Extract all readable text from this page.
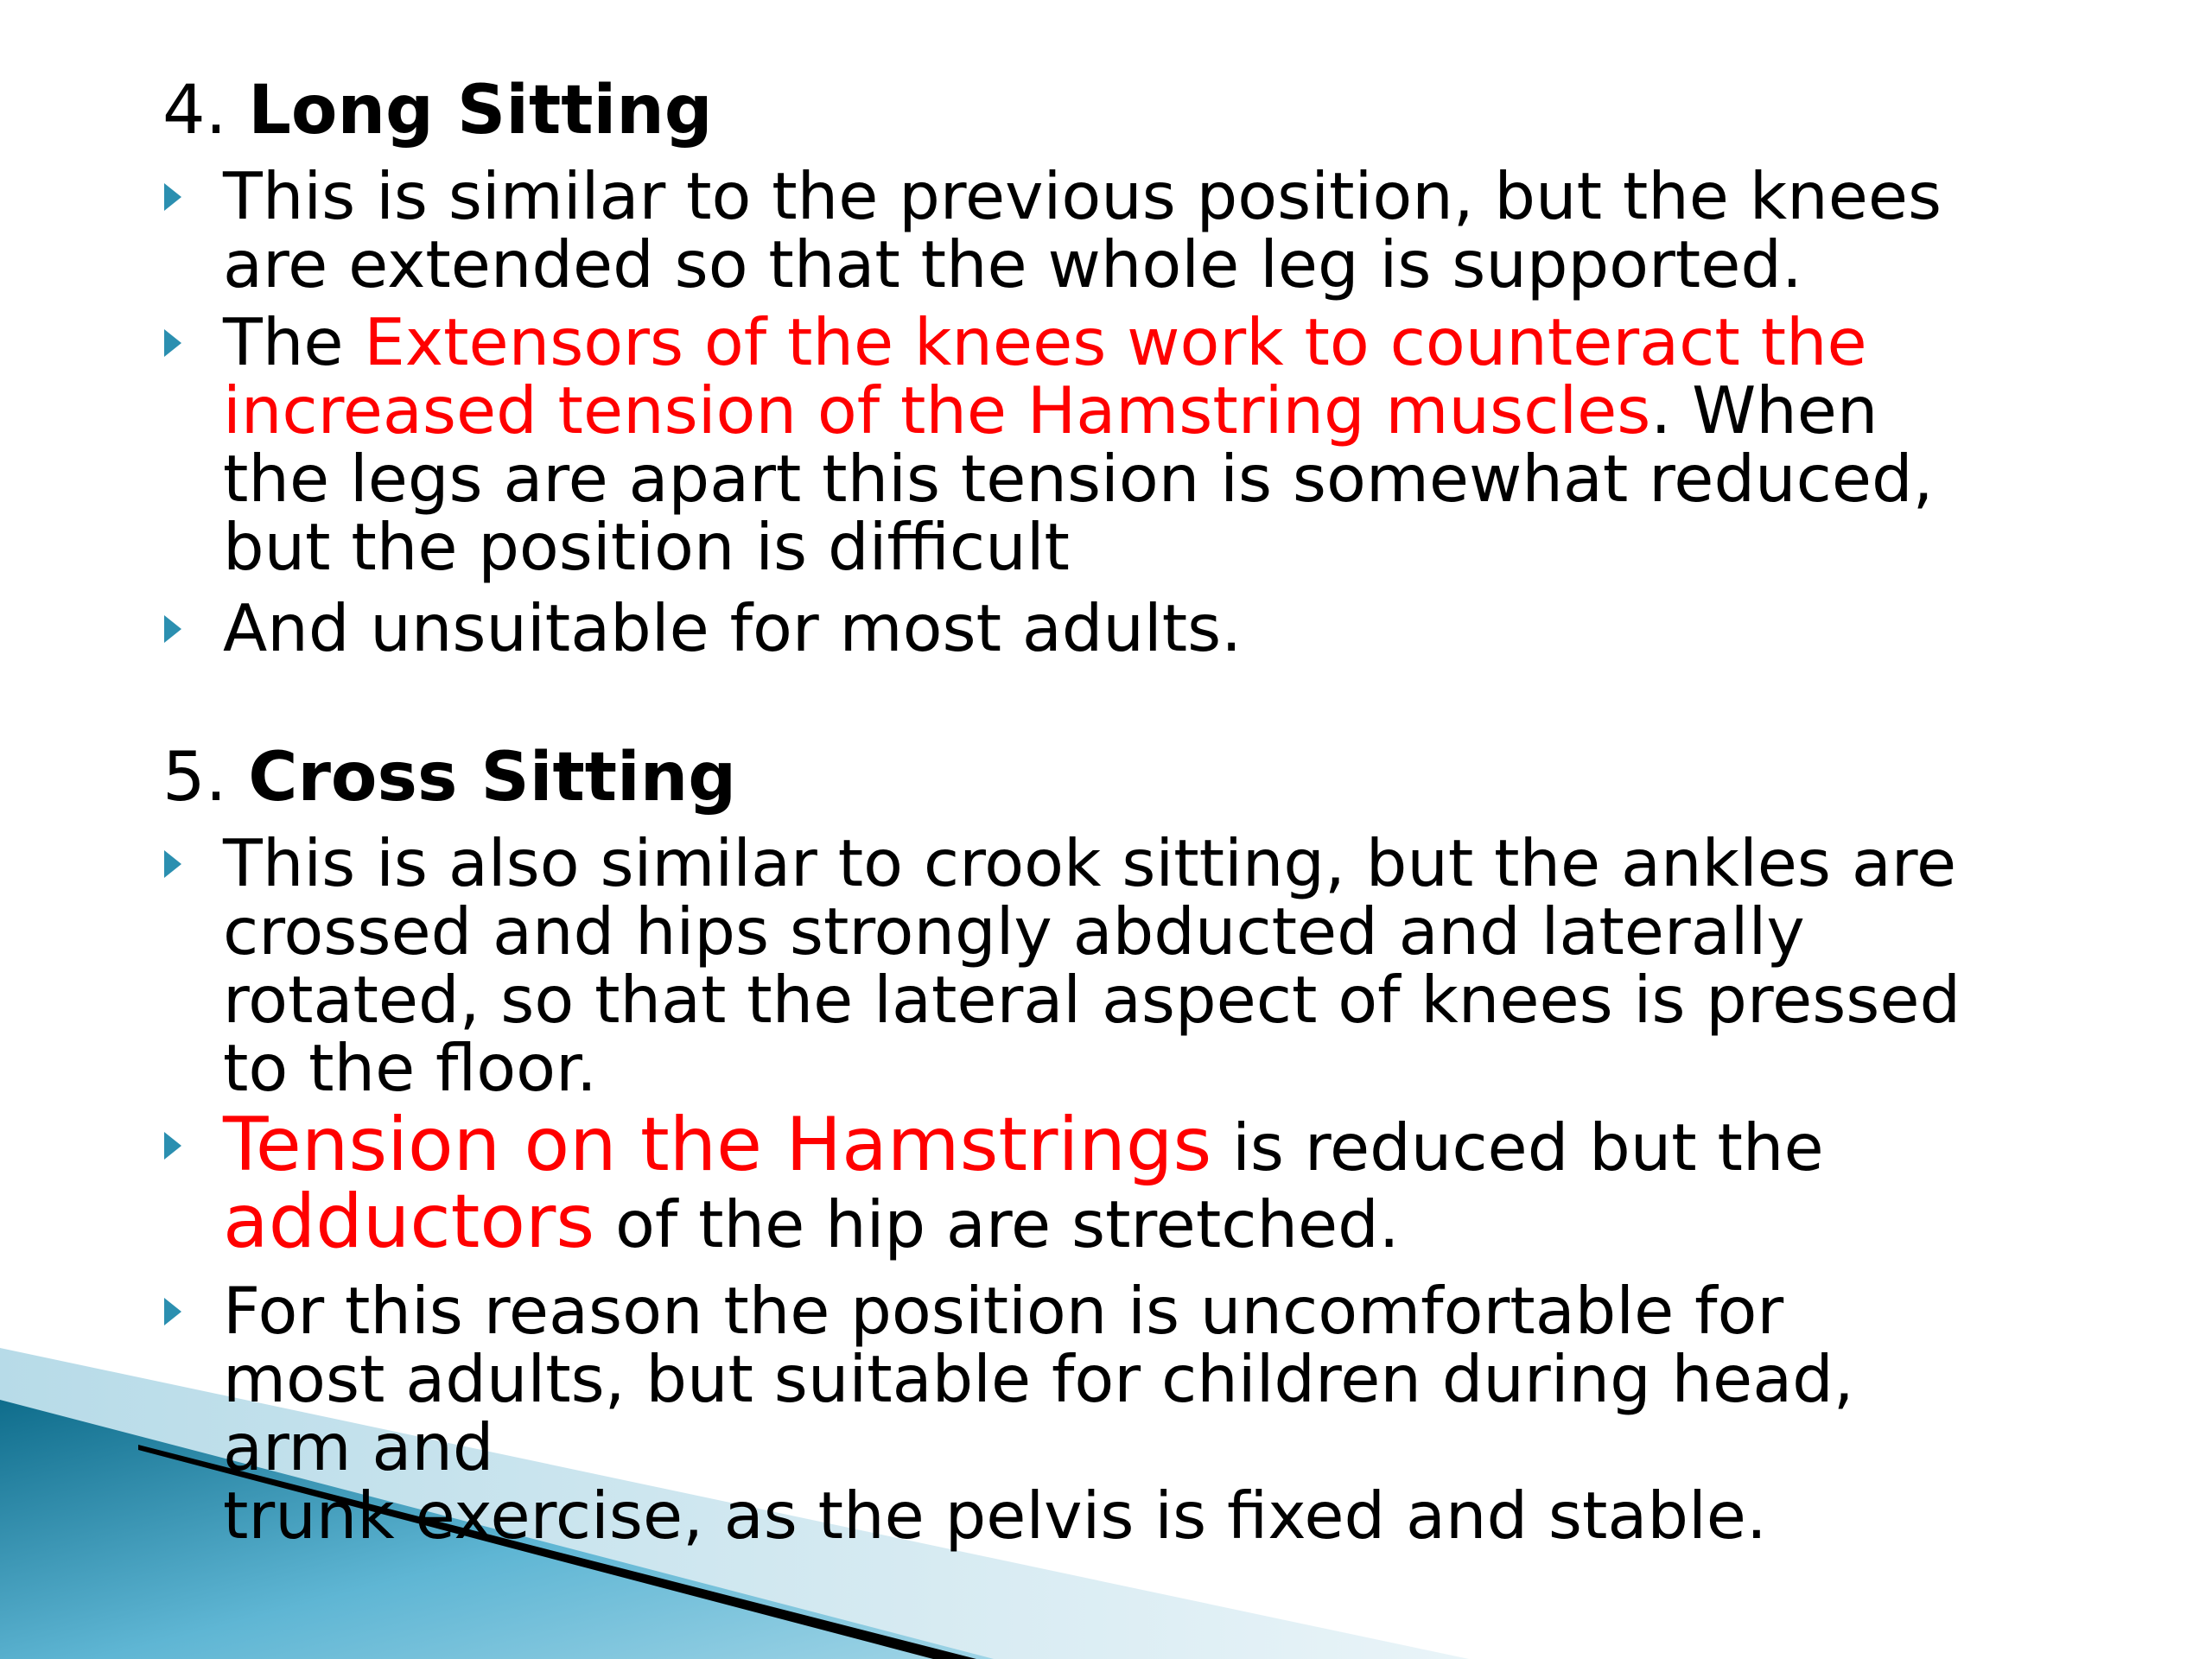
4. Long Sitting
This is similar to the previous position, but the knees
are extended so that the whole leg is supported.
The Extensors of the knees work to counteract the
increased tension of the Hamstring muscles. When
the legs are apart this tension is somewhat reduced,
but the position is difficult
And unsuitable for most adults.
5. Cross Sitting
This is also similar to crook sitting, but the ankles are
crossed and hips strongly abducted and laterally
rotated, so that the lateral aspect of knees is pressed
to the floor.
Tension on the Hamstrings is reduced but the
adductors of the hip are stretched.
For this reason the position is uncomfortable for
most adults, but suitable for children during head,
arm and
trunk exercise, as the pelvis is fixed and stable.
